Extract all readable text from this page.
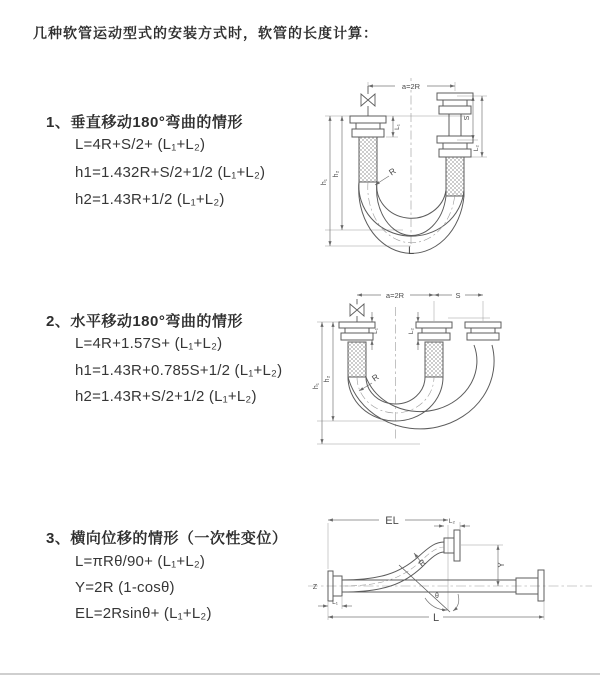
几种软管运动型式的安装方式时，软管的长度计算：
1、垂直移动180°弯曲的情形
L=4R+S/2+ (L₁+L₂)
h1=1.432R+S/2+1/2 (L₁+L₂)
h2=1.43R+1/2 (L₁+L₂)
2、水平移动180°弯曲的情形
L=4R+1.57S+ (L₁+L₂)
h1=1.43R+0.785S+1/2 (L₁+L₂)
h2=1.43R+S/2+1/2 (L₁+L₂)
3、横向位移的情形（一次性变位）
L=πRθ/90+ (L₁+L₂)
Y=2R (1-cosθ)
EL=2Rsinθ+ (L₁+L₂)
a=2R
L₁
h₁
h₂
S
L₂
R
L
a=2R	S
L₁	L₂
h₁
h₂	R
EL	L₂
Y
R
θ
L
L₁
Z
